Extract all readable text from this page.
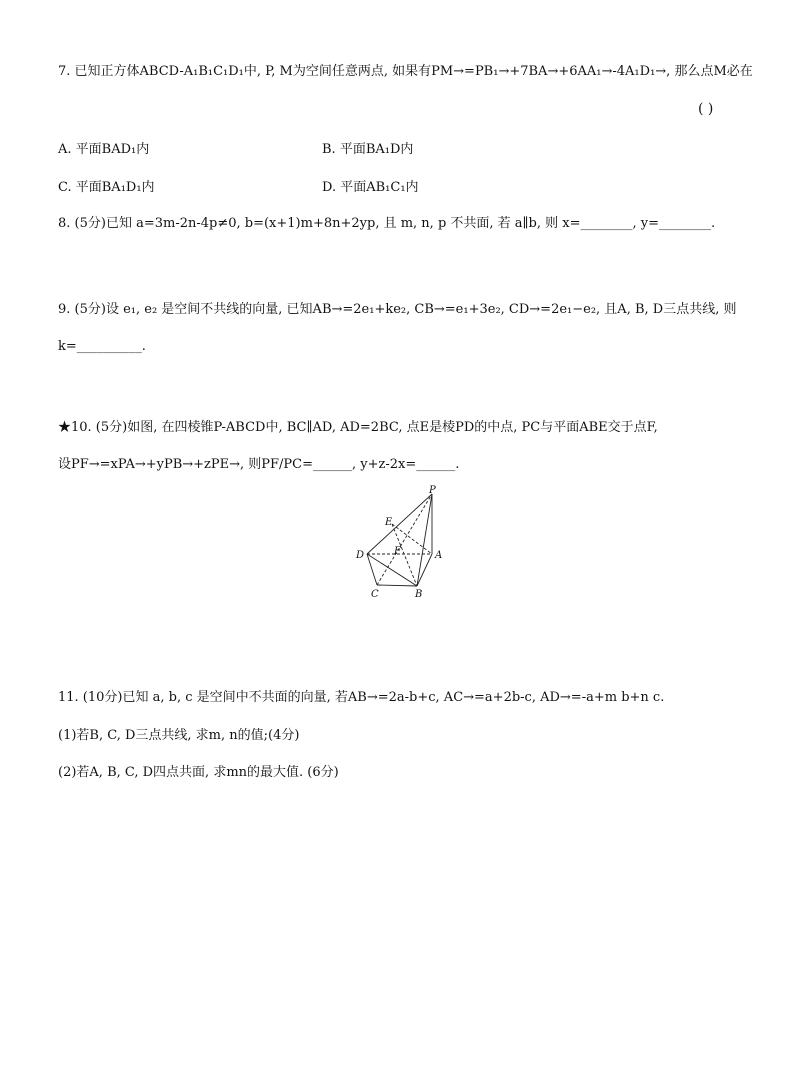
7. 已知正方体ABCD-A₁B₁C₁D₁中, P, M为空间任意两点, 如果有PM→=PB₁→+7BA→+6AA₁→-4A₁D₁→, 那么点M必在
( )
A. 平面BAD₁内	B. 平面BA₁D内
C. 平面BA₁D₁内	D. 平面AB₁C₁内
8. (5分)已知 a=3m-2n-4p≠0, b=(x+1)m+8n+2yp, 且 m, n, p 不共面, 若 a∥b, 则 x=________, y=________.
9. (5分)设 e₁, e₂ 是空间不共线的向量, 已知AB→=2e₁+ke₂, CB→=e₁+3e₂, CD→=2e₁−e₂, 且A, B, D三点共线, 则
k=__________.
★10. (5分)如图, 在四棱锥P-ABCD中, BC∥AD, AD=2BC, 点E是棱PD的中点, PC与平面ABE交于点F,
设PF→=xPA→+yPB→+zPE→, 则PF/PC=______, y+z-2x=______.
P
E
F
D	A
C	B
11. (10分)已知 a, b, c 是空间中不共面的向量, 若AB→=2a-b+c, AC→=a+2b-c, AD→=-a+m b+n c.
(1)若B, C, D三点共线, 求m, n的值;(4分)
(2)若A, B, C, D四点共面, 求mn的最大值. (6分)
